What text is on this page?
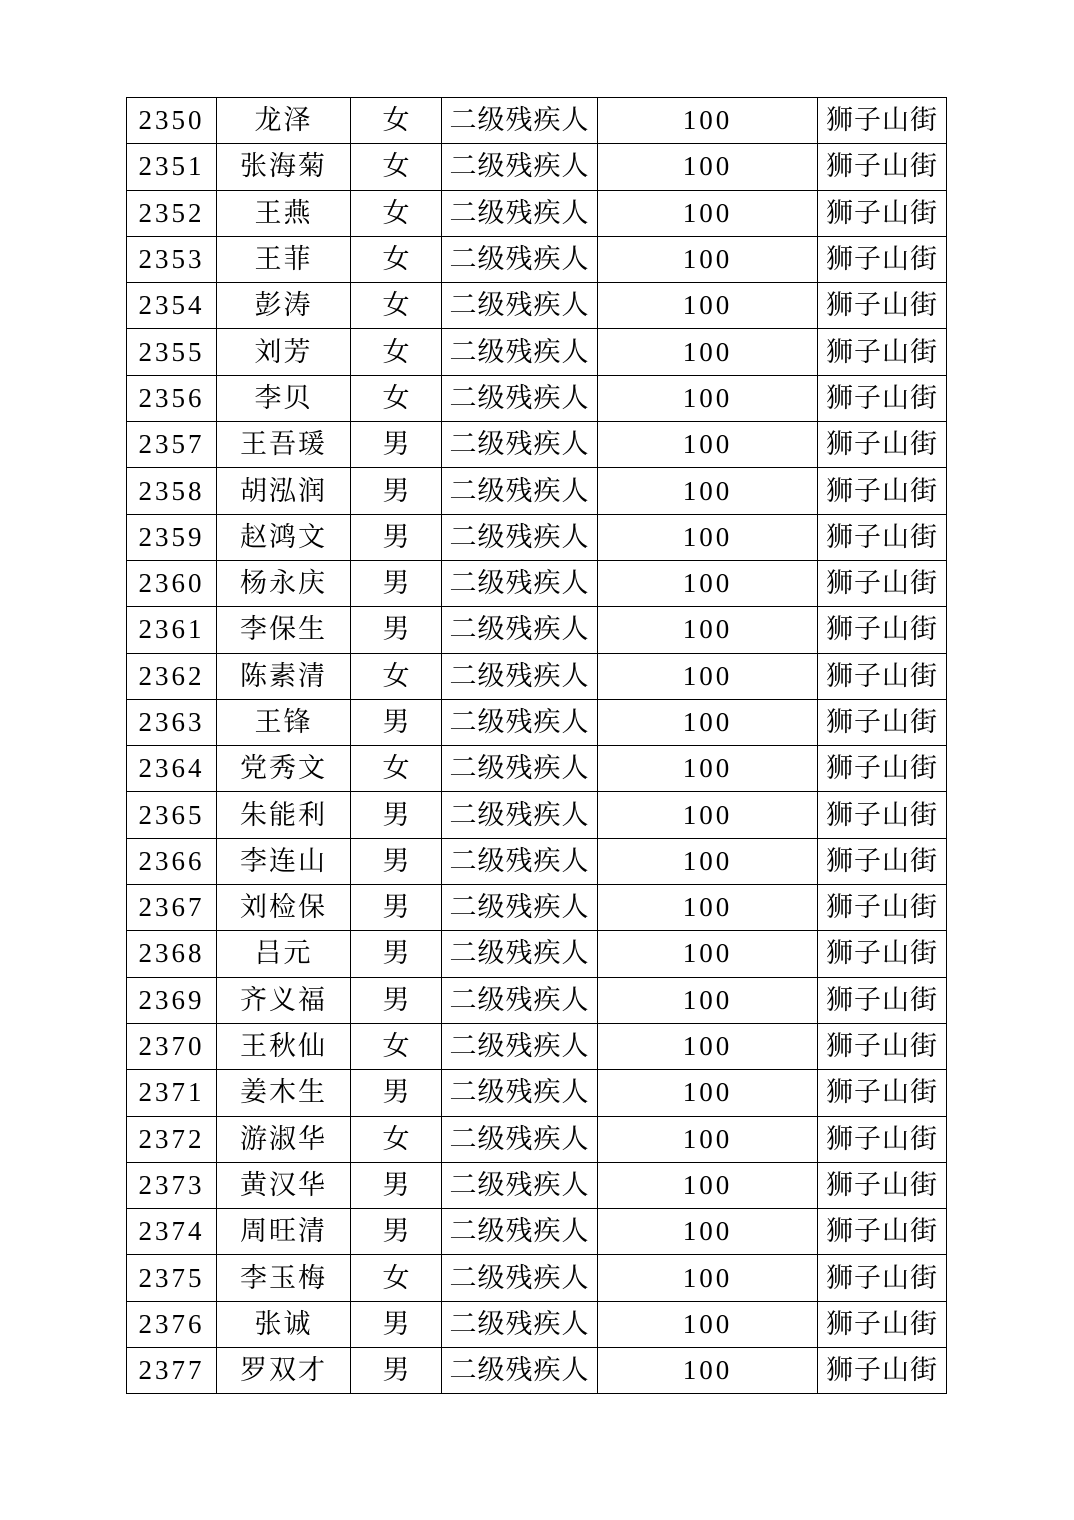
2350	龙泽	女	二级残疾人	100	狮子山街
2351	张海菊	女	二级残疾人	100	狮子山街
2352	王燕	女	二级残疾人	100	狮子山街
2353	王菲	女	二级残疾人	100	狮子山街
2354	彭涛	女	二级残疾人	100	狮子山街
2355	刘芳	女	二级残疾人	100	狮子山街
2356	李贝	女	二级残疾人	100	狮子山街
2357	王吾瑗	男	二级残疾人	100	狮子山街
2358	胡泓润	男	二级残疾人	100	狮子山街
2359	赵鸿文	男	二级残疾人	100	狮子山街
2360	杨永庆	男	二级残疾人	100	狮子山街
2361	李保生	男	二级残疾人	100	狮子山街
2362	陈素清	女	二级残疾人	100	狮子山街
2363	王锋	男	二级残疾人	100	狮子山街
2364	党秀文	女	二级残疾人	100	狮子山街
2365	朱能利	男	二级残疾人	100	狮子山街
2366	李连山	男	二级残疾人	100	狮子山街
2367	刘检保	男	二级残疾人	100	狮子山街
2368	吕元	男	二级残疾人	100	狮子山街
2369	齐义福	男	二级残疾人	100	狮子山街
2370	王秋仙	女	二级残疾人	100	狮子山街
2371	姜木生	男	二级残疾人	100	狮子山街
2372	游淑华	女	二级残疾人	100	狮子山街
2373	黄汉华	男	二级残疾人	100	狮子山街
2374	周旺清	男	二级残疾人	100	狮子山街
2375	李玉梅	女	二级残疾人	100	狮子山街
2376	张诚	男	二级残疾人	100	狮子山街
2377	罗双才	男	二级残疾人	100	狮子山街
